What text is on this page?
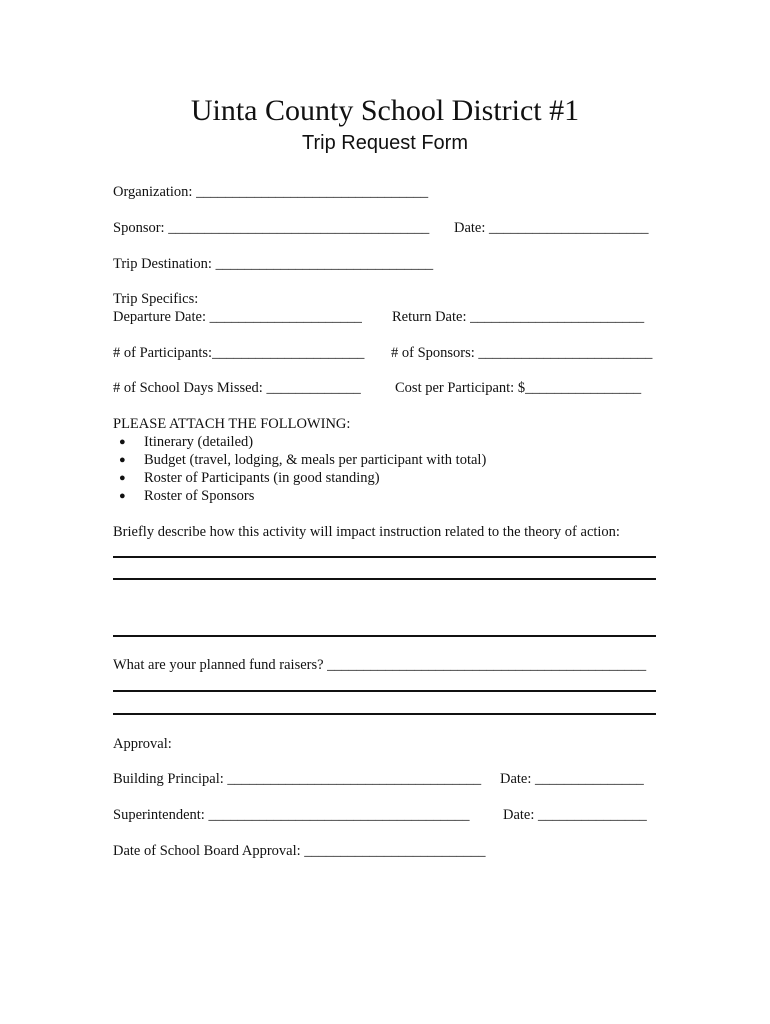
Uinta County School District #1
Trip Request Form
Organization: ________________________________
Sponsor: ____________________________________ Date: ______________________
Trip Destination: ______________________________
Trip Specifics:
Departure Date: _____________________ Return Date: ________________________
# of Participants:_____________________ # of Sponsors: ________________________
# of School Days Missed: _____________ Cost per Participant: $________________
PLEASE ATTACH THE FOLLOWING:
● Itinerary (detailed)
● Budget (travel, lodging, & meals per participant with total)
● Roster of Participants (in good standing)
● Roster of Sponsors
Briefly describe how this activity will impact instruction related to the theory of action:
What are your planned fund raisers? ____________________________________________
Approval:
Building Principal: ___________________________________ Date: _______________
Superintendent: ____________________________________ Date: _______________
Date of School Board Approval: _________________________
